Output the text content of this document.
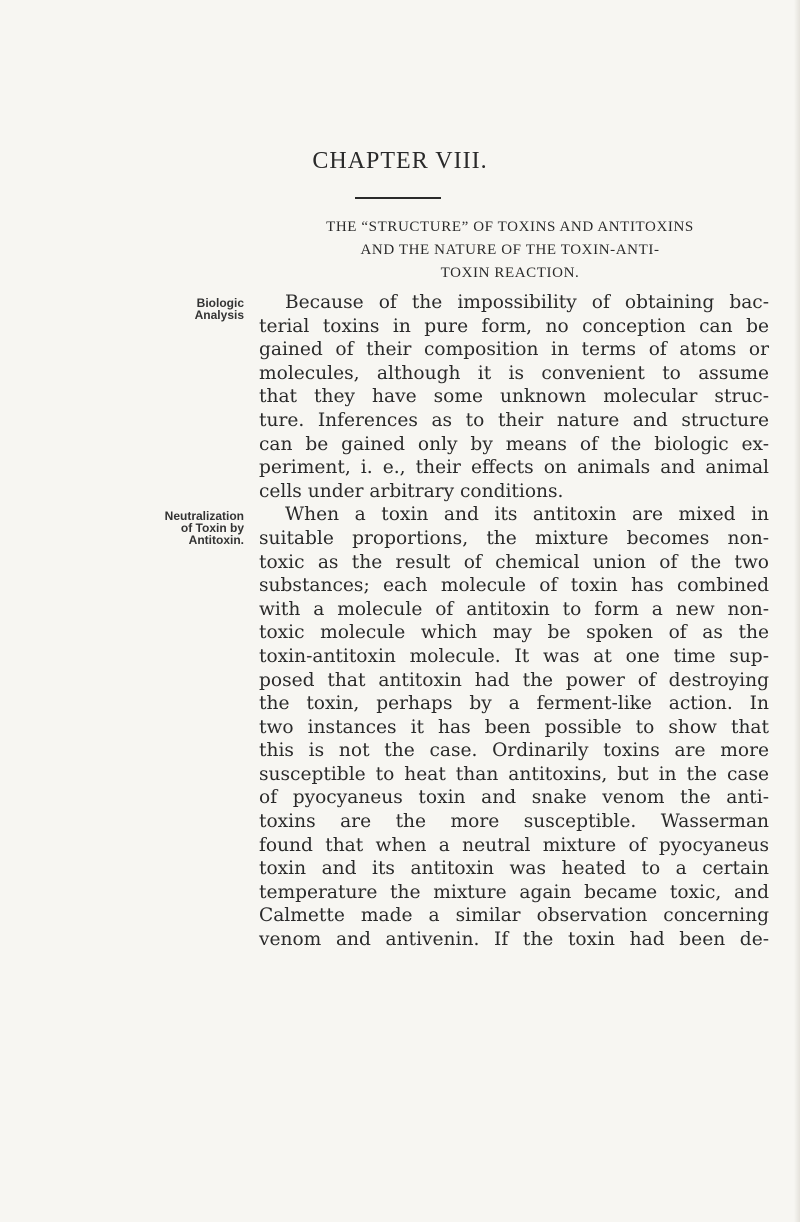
CHAPTER VIII.
THE “STRUCTURE” OF TOXINS AND ANTITOXINS
AND THE NATURE OF THE TOXIN-ANTI-
TOXIN REACTION.
Biologic
Analysis
Neutralization
of Toxin by
Antitoxin.
Because of the impossibility of obtaining bac-
terial toxins in pure form, no conception can be
gained of their composition in terms of atoms or
molecules, although it is convenient to assume
that they have some unknown molecular struc-
ture. Inferences as to their nature and structure
can be gained only by means of the biologic ex-
periment, i. e., their effects on animals and animal
cells under arbitrary conditions.
When a toxin and its antitoxin are mixed in
suitable proportions, the mixture becomes non-
toxic as the result of chemical union of the two
substances; each molecule of toxin has combined
with a molecule of antitoxin to form a new non-
toxic molecule which may be spoken of as the
toxin-antitoxin molecule. It was at one time sup-
posed that antitoxin had the power of destroying
the toxin, perhaps by a ferment-like action. In
two instances it has been possible to show that
this is not the case. Ordinarily toxins are more
susceptible to heat than antitoxins, but in the case
of pyocyaneus toxin and snake venom the anti-
toxins are the more susceptible. Wasserman
found that when a neutral mixture of pyocyaneus
toxin and its antitoxin was heated to a certain
temperature the mixture again became toxic, and
Calmette made a similar observation concerning
venom and antivenin. If the toxin had been de-
